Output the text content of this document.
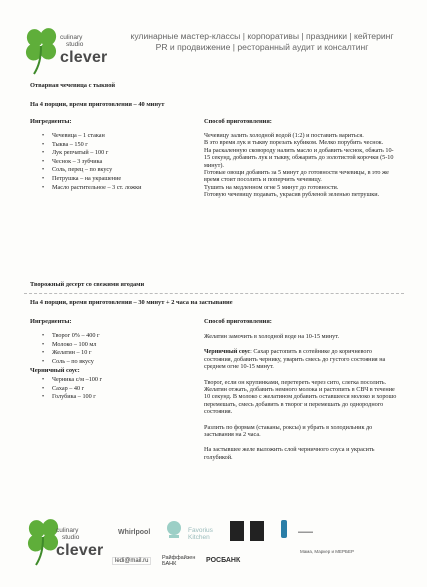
culinary
studio
clever
кулинарные мастер-классы | корпоративы | праздники | кейтеринг
PR и продвижение | ресторанный аудит и консалтинг
Отварная чечевица с тыквой
На 4 порции, время приготовления – 40 минут
Ингредиенты:
• Чечевица – 1 стакан
• Тыква – 150 г
• Лук репчатый – 100 г
• Чеснок – 3 зубчика
• Соль, перец – по вкусу
• Петрушка – на украшение
• Масло растительное – 3 ст. ложки
Способ приготовления:
Чечевицу залить холодной водой (1:2) и поставить вариться.
В это время лук и тыкву порезать кубиком. Мелко порубить чеснок.
На раскаленную сковороду налить масло и добавить чеснок, обжать 10-15 секунд, добавить лук и тыкву, обжарить до золотистой корочки (5-10 минут).
Готовые овощи добавить за 5 минут до готовности чечевицы, в это же время стоит посолить и поперчить чечевицу.
Тушить на медленном огне 5 минут до готовности.
Готовую чечевицу подавать, украсив рубленой зеленью петрушки.
Творожный десерт со свежими ягодами
На 4 порции, время приготовления – 30 минут + 2 часа на застывание
Ингредиенты:
• Творог 0% – 400 г
• Молоко – 100 мл
• Желатин – 10 г
• Соль – по вкусу
Черничный соус:
• Черника с/м –100 г
• Сахар – 40 г
• Голубика – 100 г
Способ приготовления:
Желатин замочить в холодной воде на 10-15 минут.
Черничный соус: Сахар растопить в сотейнике до коричневого состояния, добавить чернику, уварить смесь до густого состояния на среднем огне 10-15 минут.
Творог, если он крупинками, перетереть через сито, слегка посолить.
Желатин отжать, добавить немного молока и растопить в СВЧ в течение 10 секунд. В молоко с желатином добавить оставшееся молоко и хорошо перемешать, смесь добавить в творог и перемешать до однородного состояния.
Разлить по формам (стаканы, роксы) и убрать в холодильник до застывания на 2 часа.
На застывшее желе выложить слой черничного соуса и украсить голубикой.
culinary
studio
clever
Whirlpool	Favorius Kitchen
▬▬▬
ledi@mail.ru	Райффайзен БАНК	РОСБАНК
Мама, Маркер и МЕРБЕР
